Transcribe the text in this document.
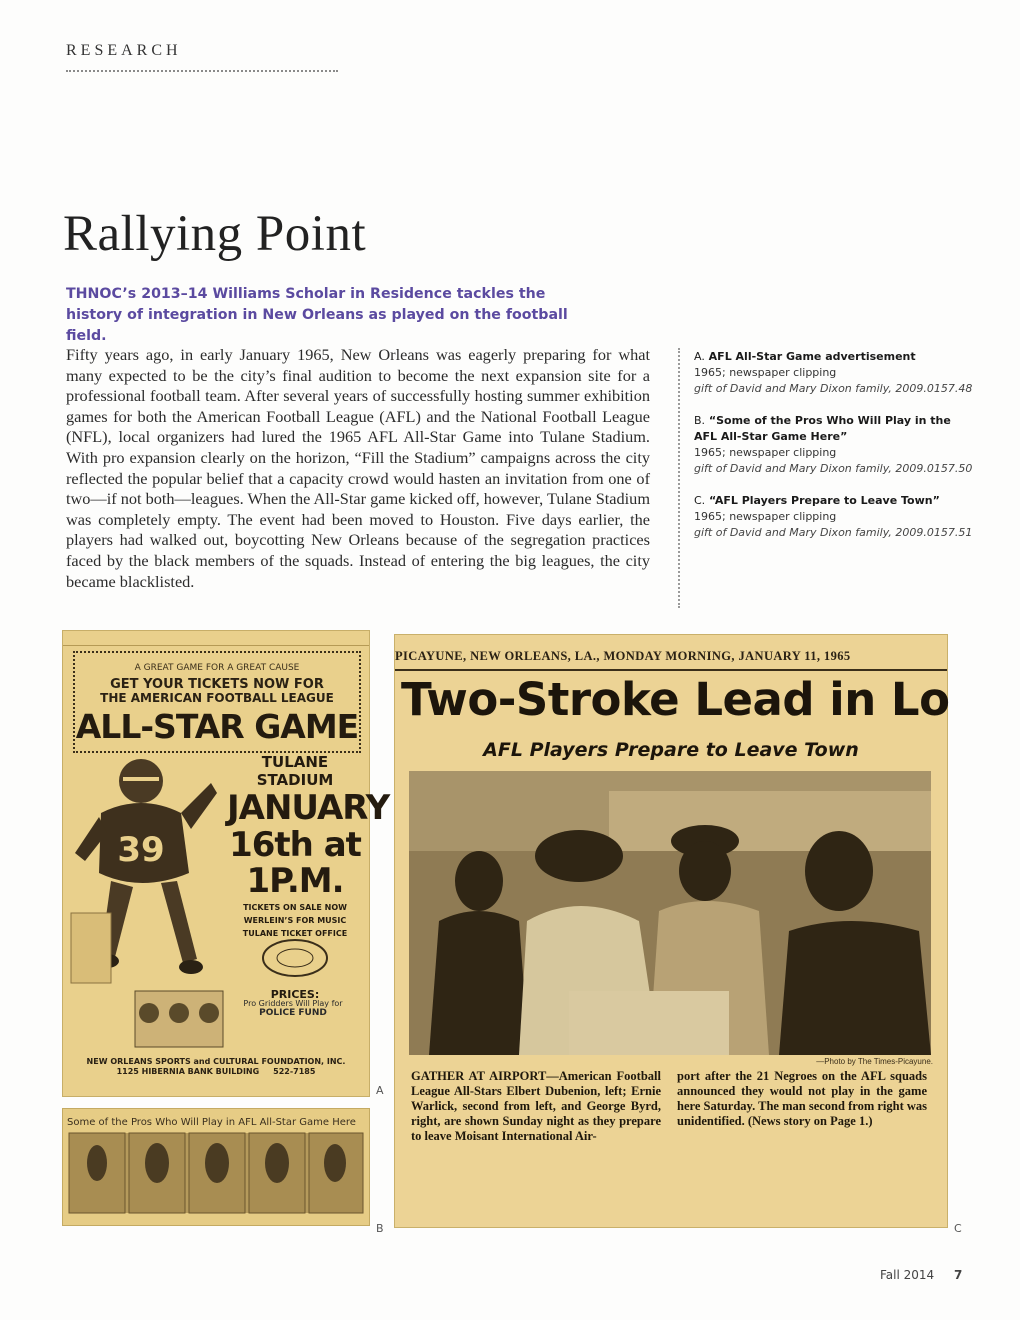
RESEARCH
Rallying Point
THNOC’s 2013–14 Williams Scholar in Residence tackles the history of integration in New Orleans as played on the football field.
Fifty years ago, in early January 1965, New Orleans was eagerly preparing for what many expected to be the city’s final audition to become the next expansion site for a professional football team. After several years of successfully hosting summer exhibition games for both the American Football League (AFL) and the National Football League (NFL), local organizers had lured the 1965 AFL All-Star Game into Tulane Stadium. With pro expansion clearly on the horizon, “Fill the Stadium” campaigns across the city reflected the popular belief that a capacity crowd would hasten an invitation from one of two—if not both—leagues. When the All-Star game kicked off, however, Tulane Stadium was completely empty. The event had been moved to Houston. Five days earlier, the players had walked out, boycotting New Orleans because of the segregation practices faced by the black members of the squads. Instead of entering the big leagues, the city became blacklisted.
A. AFL All-Star Game advertisement
1965; newspaper clipping
gift of David and Mary Dixon family, 2009.0157.48
B. “Some of the Pros Who Will Play in the AFL All-Star Game Here”
1965; newspaper clipping
gift of David and Mary Dixon family, 2009.0157.50
C. “AFL Players Prepare to Leave Town”
1965; newspaper clipping
gift of David and Mary Dixon family, 2009.0157.51
A GREAT GAME FOR A GREAT CAUSE
GET YOUR TICKETS NOW FOR
THE AMERICAN FOOTBALL LEAGUE
ALL-STAR GAME
39
TULANE STADIUM
JANUARY
16th at 1P.M.
TICKETS ON SALE NOW
WERLEIN’S FOR MUSIC
TULANE TICKET OFFICE
PRICES:
Pro Gridders Will Play for
POLICE FUND
NEW ORLEANS SPORTS and CULTURAL FOUNDATION, INC.
1125 HIBERNIA BANK BUILDING 522-7185
A
Some of the Pros Who Will Play in AFL All-Star Game Here
B
PICAYUNE, NEW ORLEANS, LA., MONDAY MORNING, JANUARY 11, 1965
Two-Stroke Lead in Lo
AFL Players Prepare to Leave Town
—Photo by The Times-Picayune.
GATHER AT AIRPORT—American Football League All-Stars Elbert Dubenion, left; Ernie Warlick, second from left, and George Byrd, right, are shown Sunday night as they prepare to leave Moisant International Air-
port after the 21 Negroes on the AFL squads announced they would not play in the game here Saturday. The man second from right was unidentified. (News story on Page 1.)
C
Fall 2014 7
